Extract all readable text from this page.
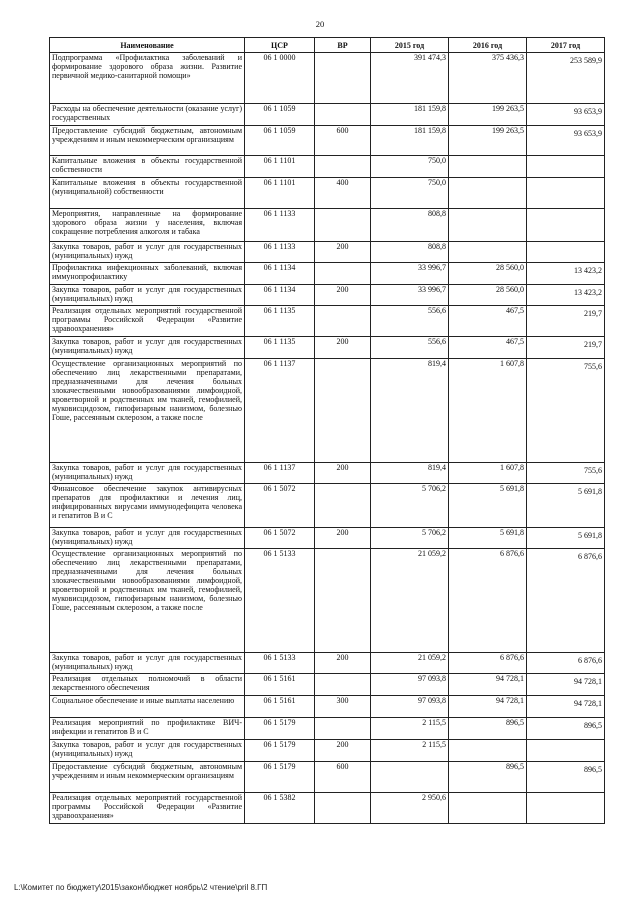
20
Наименование	ЦСР	ВР	2015 год	2016 год	2017 год
Подпрограмма «Профилактика заболеваний и формирование здорового образа жизни. Развитие первичной медико-санитарной помощи»	06 1 0000		391 474,3	375 436,3	253 589,9
Расходы на обеспечение деятельности (оказание услуг) государственных	06 1 1059		181 159,8	199 263,5	93 653,9
Предоставление субсидий бюджетным, автономным учреждениям и иным некоммерческим организациям	06 1 1059	600	181 159,8	199 263,5	93 653,9
Капитальные вложения в объекты государственной собственности	06 1 1101		750,0		
Капитальные вложения в объекты государственной (муниципальной) собственности	06 1 1101	400	750,0		
Мероприятия, направленные на формирование здорового образа жизни у населения, включая сокращение потребления алкоголя и табака	06 1 1133		808,8		
Закупка товаров, работ и услуг для государственных (муниципальных) нужд	06 1 1133	200	808,8		
Профилактика инфекционных заболеваний, включая иммунопрофилактику	06 1 1134		33 996,7	28 560,0	13 423,2
Закупка товаров, работ и услуг для государственных (муниципальных) нужд	06 1 1134	200	33 996,7	28 560,0	13 423,2
Реализация отдельных мероприятий государственной программы Российской Федерации «Развитие здравоохранения»	06 1 1135		556,6	467,5	219,7
Закупка товаров, работ и услуг для государственных (муниципальных) нужд	06 1 1135	200	556,6	467,5	219,7
Осуществление организационных мероприятий по обеспечению лиц лекарственными препаратами, предназначенными для лечения больных злокачественными новообразованиями лимфоидной, кроветворной и родственных им тканей, гемофилией, муковисцидозом, гипофизарным нанизмом, болезнью Гоше, рассеянным склерозом, а также после	06 1 1137		819,4	1 607,8	755,6
Закупка товаров, работ и услуг для государственных (муниципальных) нужд	06 1 1137	200	819,4	1 607,8	755,6
Финансовое обеспечение закупок антивирусных препаратов для профилактики и лечения лиц, инфицированных вирусами иммунодефицита человека и гепатитов В и С	06 1 5072		5 706,2	5 691,8	5 691,8
Закупка товаров, работ и услуг для государственных (муниципальных) нужд	06 1 5072	200	5 706,2	5 691,8	5 691,8
Осуществление организационных мероприятий по обеспечению лиц лекарственными препаратами, предназначенными для лечения больных злокачественными новообразованиями лимфоидной, кроветворной и родственных им тканей, гемофилией, муковисцидозом, гипофизарным нанизмом, болезнью Гоше, рассеянным склерозом, а также после	06 1 5133		21 059,2	6 876,6	6 876,6
Закупка товаров, работ и услуг для государственных (муниципальных) нужд	06 1 5133	200	21 059,2	6 876,6	6 876,6
Реализация отдельных полномочий в области лекарственного обеспечения	06 1 5161		97 093,8	94 728,1	94 728,1
Социальное обеспечение и иные выплаты населению	06 1 5161	300	97 093,8	94 728,1	94 728,1
Реализация мероприятий по профилактике ВИЧ-инфекции и гепатитов В и С	06 1 5179		2 115,5	896,5	896,5
Закупка товаров, работ и услуг для государственных (муниципальных) нужд	06 1 5179	200	2 115,5		
Предоставление субсидий бюджетным, автономным учреждениям и иным некоммерческим организациям	06 1 5179	600		896,5	896,5
Реализация отдельных мероприятий государственной программы Российской Федерации «Развитие здравоохранения»	06 1 5382		2 950,6		
L:\Комитет по бюджету\2015\закон\бюджет ноябрь\2 чтение\pril 8.ГП
